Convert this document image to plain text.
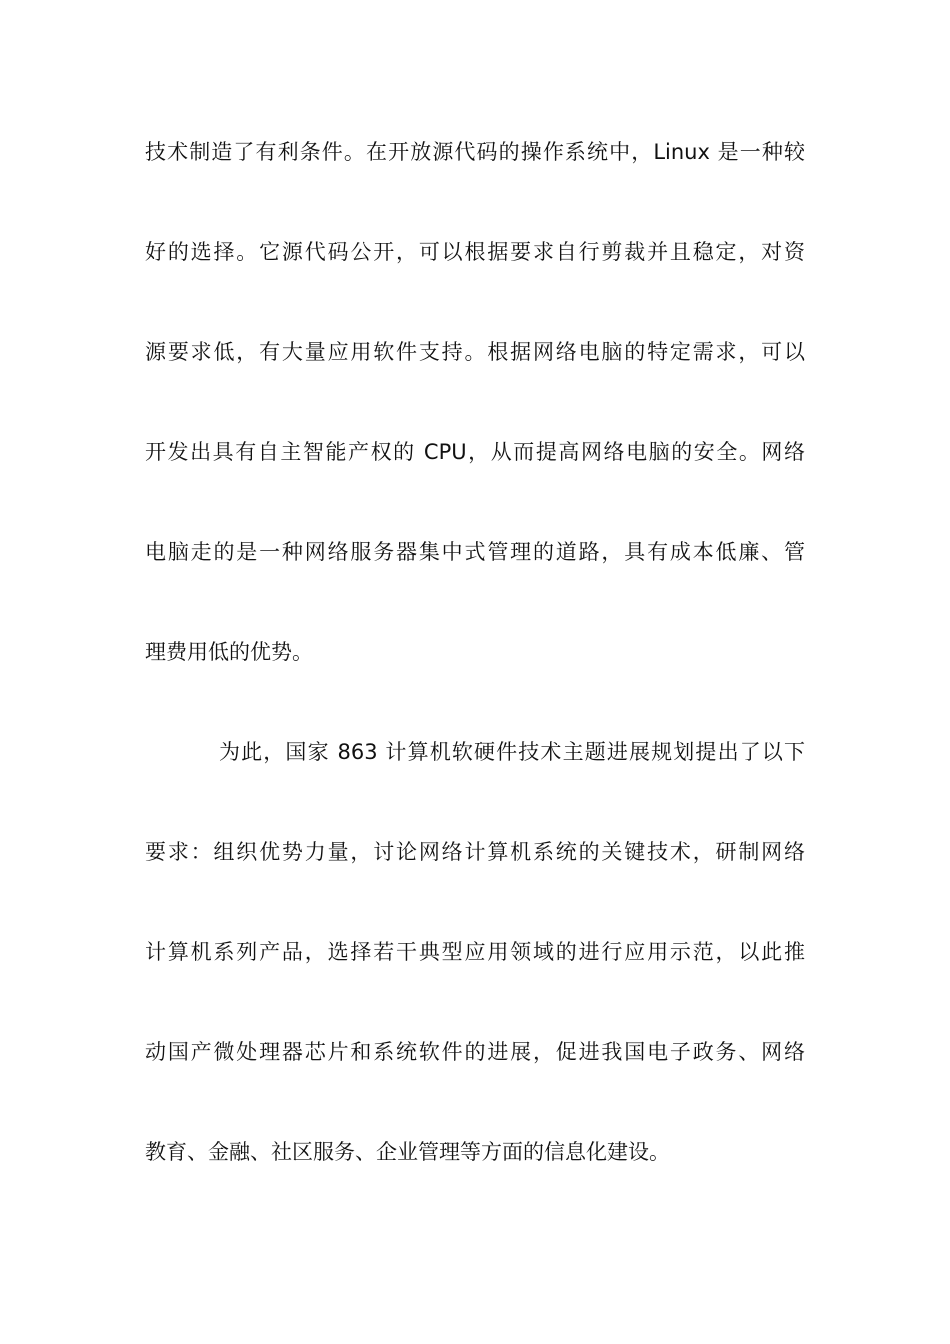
技术制造了有利条件。在开放源代码的操作系统中，Linux 是一种较
好的选择。它源代码公开，可以根据要求自行剪裁并且稳定，对资
源要求低，有大量应用软件支持。根据网络电脑的特定需求，可以
开发出具有自主智能产权的 CPU，从而提高网络电脑的安全。网络
电脑走的是一种网络服务器集中式管理的道路，具有成本低廉、管
理费用低的优势。
为此，国家 863 计算机软硬件技术主题进展规划提出了以下
要求：组织优势力量，讨论网络计算机系统的关键技术，研制网络
计算机系列产品，选择若干典型应用领域的进行应用示范，以此推
动国产微处理器芯片和系统软件的进展，促进我国电子政务、网络
教育、金融、社区服务、企业管理等方面的信息化建设。
